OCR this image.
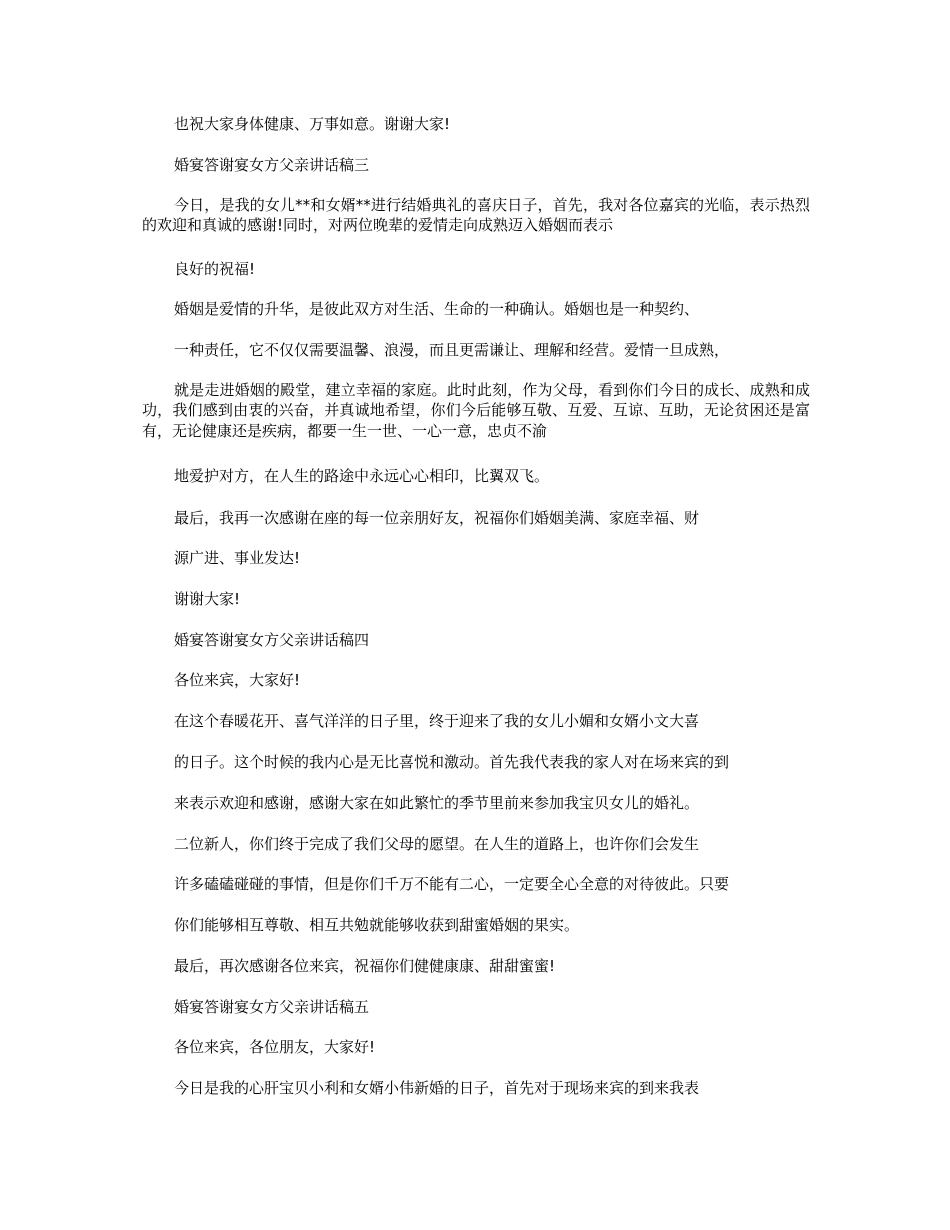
也祝大家身体健康、万事如意。谢谢大家!

婚宴答谢宴女方父亲讲话稿三

今日，是我的女儿**和女婿**进行结婚典礼的喜庆日子，首先，我对各位嘉宾的光临，表示热烈的欢迎和真诚的感谢!同时，对两位晚辈的爱情走向成熟迈入婚姻而表示

良好的祝福!

婚姻是爱情的升华，是彼此双方对生活、生命的一种确认。婚姻也是一种契约、

一种责任，它不仅仅需要温馨、浪漫，而且更需谦让、理解和经营。爱情一旦成熟，

就是走进婚姻的殿堂，建立幸福的家庭。此时此刻，作为父母，看到你们今日的成长、成熟和成功，我们感到由衷的兴奋，并真诚地希望，你们今后能够互敬、互爱、互谅、互助，无论贫困还是富有，无论健康还是疾病，都要一生一世、一心一意，忠贞不渝

地爱护对方，在人生的路途中永远心心相印，比翼双飞。

最后，我再一次感谢在座的每一位亲朋好友，祝福你们婚姻美满、家庭幸福、财

源广进、事业发达!

谢谢大家!

婚宴答谢宴女方父亲讲话稿四

各位来宾，大家好!

在这个春暖花开、喜气洋洋的日子里，终于迎来了我的女儿小媚和女婿小文大喜

的日子。这个时候的我内心是无比喜悦和激动。首先我代表我的家人对在场来宾的到

来表示欢迎和感谢，感谢大家在如此繁忙的季节里前来参加我宝贝女儿的婚礼。

二位新人，你们终于完成了我们父母的愿望。在人生的道路上，也许你们会发生

许多磕磕碰碰的事情，但是你们千万不能有二心，一定要全心全意的对待彼此。只要

你们能够相互尊敬、相互共勉就能够收获到甜蜜婚姻的果实。

最后，再次感谢各位来宾，祝福你们健健康康、甜甜蜜蜜!

婚宴答谢宴女方父亲讲话稿五

各位来宾，各位朋友，大家好!

今日是我的心肝宝贝小利和女婿小伟新婚的日子，首先对于现场来宾的到来我表
